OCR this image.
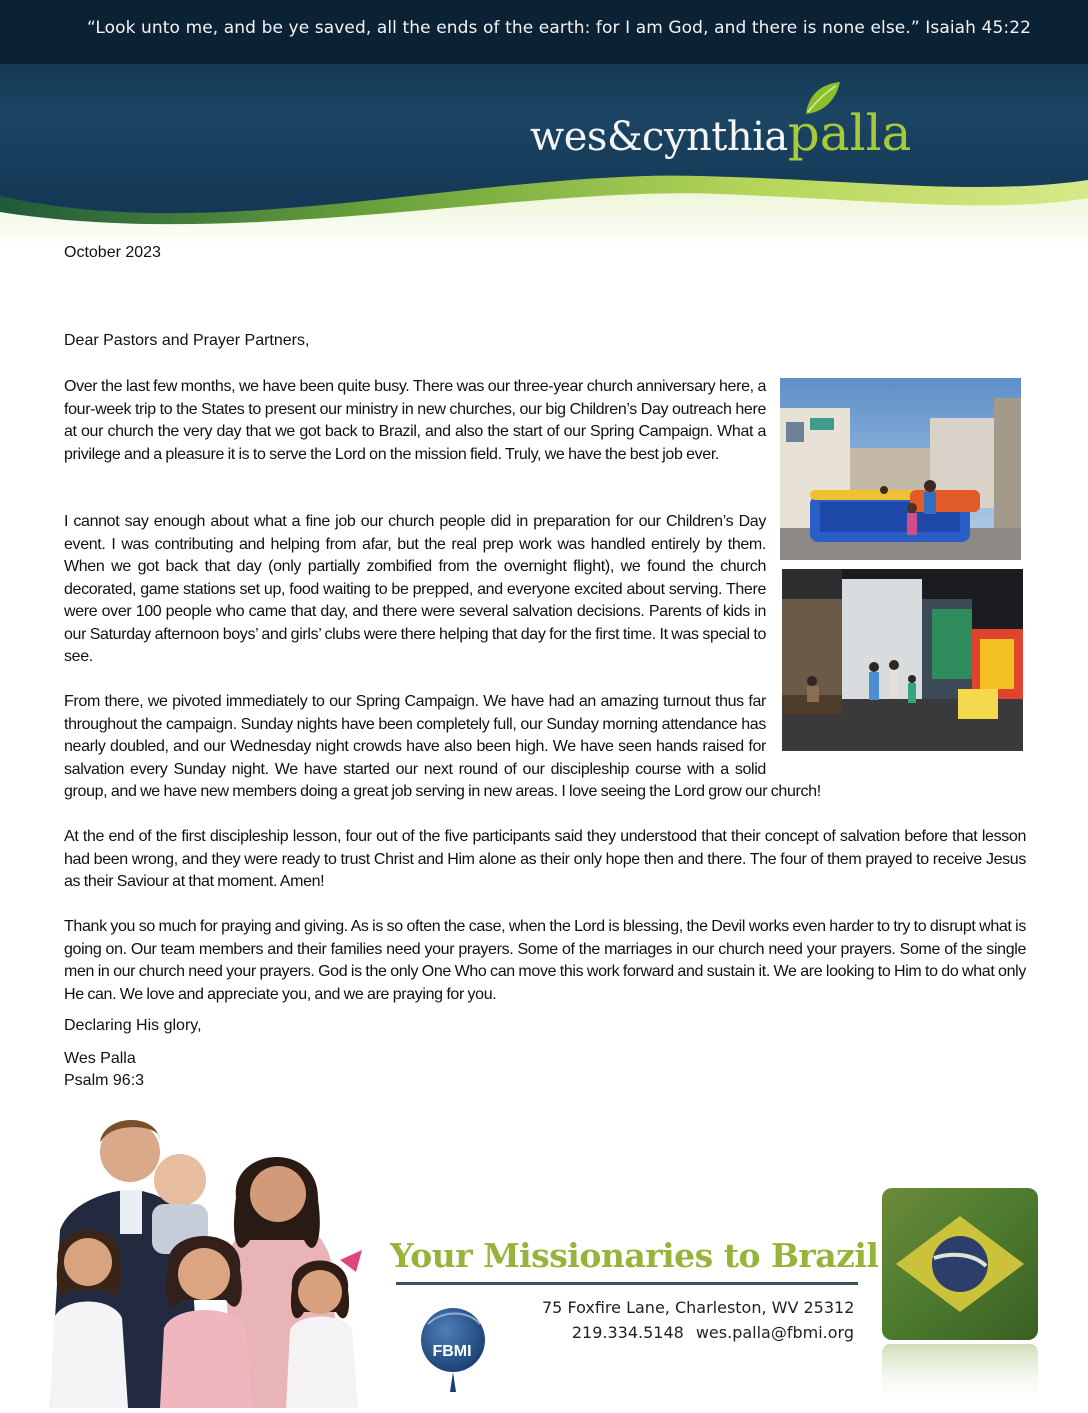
“Look unto me, and be ye saved, all the ends of the earth: for I am God, and there is none else.” Isaiah 45:22
wes&cynthiapalla
October 2023
Dear Pastors and Prayer Partners,
Over the last few months, we have been quite busy. There was our three-year church anniversary here, a four-week trip to the States to present our ministry in new churches, our big Children’s Day outreach here at our church the very day that we got back to Brazil, and also the start of our Spring Campaign. What a privilege and a pleasure it is to serve the Lord on the mission field. Truly, we have the best job ever.
I cannot say enough about what a fine job our church people did in preparation for our Children’s Day event. I was contributing and helping from afar, but the real prep work was handled entirely by them. When we got back that day (only partially zombified from the overnight flight), we found the church decorated, game stations set up, food waiting to be prepped, and everyone excited about serving. There were over 100 people who came that day, and there were several salvation decisions. Parents of kids in our Saturday afternoon boys’ and girls’ clubs were there helping that day for the first time. It was special to see.
From there, we pivoted immediately to our Spring Campaign. We have had an amazing turnout thus far throughout the campaign. Sunday nights have been completely full, our Sunday morning attendance has nearly doubled, and our Wednesday night crowds have also been high. We have seen hands raised for salvation every Sunday night. We have started our next round of our discipleship course with a solid group, and we have new members doing a great job serving in new areas. I love seeing the Lord grow our church!
At the end of the first discipleship lesson, four out of the five participants said they understood that their concept of salvation before that lesson had been wrong, and they were ready to trust Christ and Him alone as their only hope then and there. The four of them prayed to receive Jesus as their Saviour at that moment. Amen!
Thank you so much for praying and giving. As is so often the case, when the Lord is blessing, the Devil works even harder to try to disrupt what is going on. Our team members and their families need your prayers. Some of the marriages in our church need your prayers. Some of the single men in our church need your prayers. God is the only One Who can move this work forward and sustain it. We are looking to Him to do what only He can. We love and appreciate you, and we are praying for you.
Declaring His glory,
Wes Palla
Psalm 96:3
Your Missionaries to Brazil
75 Foxfire Lane, Charleston, WV 25312
219.334.5148 wes.palla@fbmi.org
FBMI
